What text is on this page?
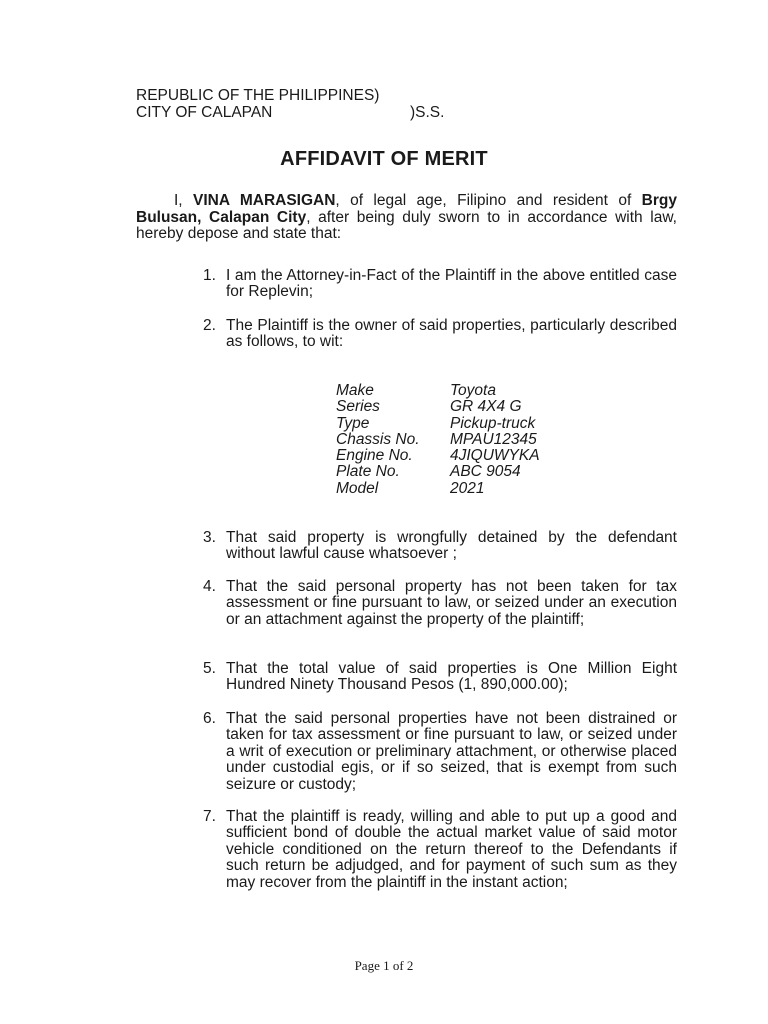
REPUBLIC OF THE PHILIPPINES)
CITY OF CALAPAN	)S.S.
AFFIDAVIT OF MERIT
I, VINA MARASIGAN, of legal age, Filipino and resident of Brgy Bulusan, Calapan City, after being duly sworn to in accordance with law, hereby depose and state that:
1. I am the Attorney-in-Fact of the Plaintiff in the above entitled case for Replevin;
2. The Plaintiff is the owner of said properties, particularly described as follows, to wit:
Make	Toyota
Series	GR 4X4 G
Type	Pickup-truck
Chassis No.	MPAU12345
Engine No.	4JIQUWYKA
Plate No.	ABC 9054
Model	2021
3. That said property is wrongfully detained by the defendant without lawful cause whatsoever ;
4. That the said personal property has not been taken for tax assessment or fine pursuant to law, or seized under an execution or an attachment against the property of the plaintiff;
5. That the total value of said properties is One Million Eight Hundred Ninety Thousand Pesos (1, 890,000.00);
6. That the said personal properties have not been distrained or taken for tax assessment or fine pursuant to law, or seized under a writ of execution or preliminary attachment, or otherwise placed under custodial egis, or if so seized, that is exempt from such seizure or custody;
7. That the plaintiff is ready, willing and able to put up a good and sufficient bond of double the actual market value of said motor vehicle conditioned on the return thereof to the Defendants if such return be adjudged, and for payment of such sum as they may recover from the plaintiff in the instant action;
Page 1 of 2
